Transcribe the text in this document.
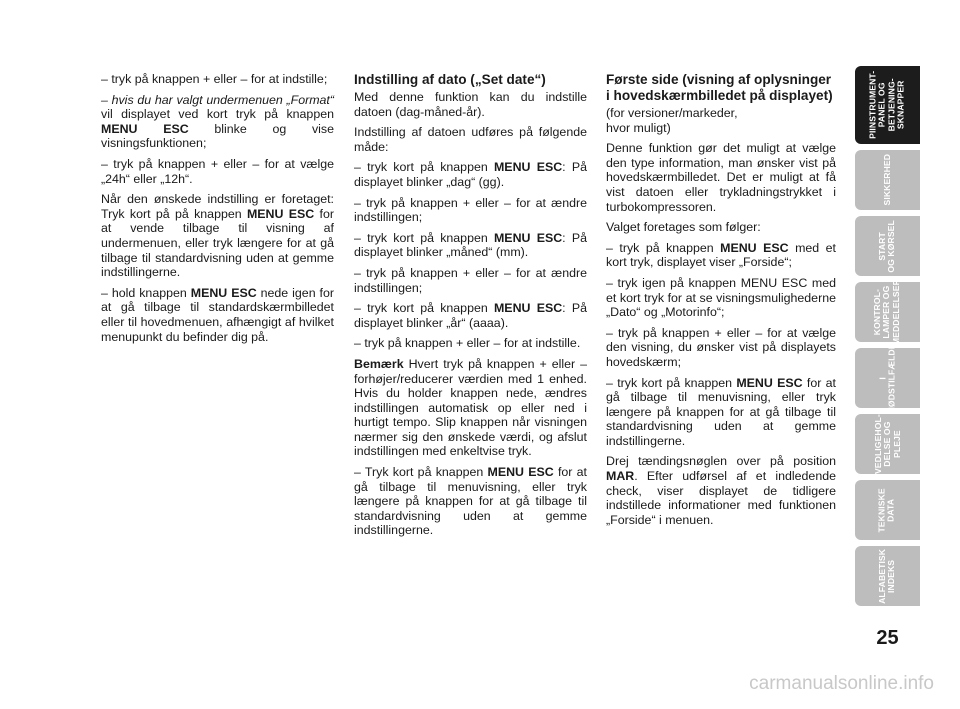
– tryk på knappen + eller – for at indstille;

– hvis du har valgt undermenuen „Format“ vil displayet ved kort tryk på knappen MENU ESC blinke og vise visningsfunktionen;

– tryk på knappen + eller – for at vælge „24h“ eller „12h“.

Når den ønskede indstilling er foretaget: Tryk kort på på knappen MENU ESC for at vende tilbage til visning af undermenuen, eller tryk længere for at gå tilbage til standardvisning uden at gemme indstillingerne.

– hold knappen MENU ESC nede igen for at gå tilbage til standardskærmbilledet eller til hovedmenuen, afhængigt af hvilket menupunkt du befinder dig på.

Indstilling af dato („Set date“)

Med denne funktion kan du indstille datoen (dag-måned-år).

Indstilling af datoen udføres på følgende måde:

– tryk kort på knappen MENU ESC: På displayet blinker „dag“ (gg).

– tryk på knappen + eller – for at ændre indstillingen;

– tryk kort på knappen MENU ESC: På displayet blinker „måned“ (mm).

– tryk på knappen + eller – for at ændre indstillingen;

– tryk kort på knappen MENU ESC: På displayet blinker „år“ (aaaa).

– tryk på knappen + eller – for at indstille.

Bemærk Hvert tryk på knappen + eller – forhøjer/reducerer værdien med 1 enhed. Hvis du holder knappen nede, ændres indstillingen automatisk op eller ned i hurtigt tempo. Slip knappen når visningen nærmer sig den ønskede værdi, og afslut indstillingen med enkeltvise tryk.

– Tryk kort på knappen MENU ESC for at gå tilbage til menuvisning, eller tryk længere på knappen for at gå tilbage til standardvisning uden at gemme indstillingerne.

Første side (visning af oplysninger i hovedskærmbilledet på displayet)

(for versioner/markeder,

hvor muligt)

Denne funktion gør det muligt at vælge den type information, man ønsker vist på hovedskærmbilledet. Det er muligt at få vist datoen eller trykladningstrykket i turbokompressoren.

Valget foretages som følger:

– tryk på knappen MENU ESC med et kort tryk, displayet viser „Forside“;

– tryk igen på knappen MENU ESC med et kort tryk for at se visningsmulighederne „Dato“ og „Motorinfo“;

– tryk på knappen + eller – for at vælge den visning, du ønsker vist på displayets hovedskærm;

– tryk kort på knappen MENU ESC for at gå tilbage til menuvisning, eller tryk længere på knappen for at gå tilbage til standardvisning uden at gemme indstillingerne.

Drej tændingsnøglen over på position MAR. Efter udførsel af et indledende check, viser displayet de tidligere indstillede informationer med funktionen „Forside“ i menuen.

PIINSTRUMENT-
PANEL OG
BETJENING-
SKNAPPER
SIKKERHED
START
OG KØRSEL
KONTROL-
LAMPER OG
MEDDELELSER
I
NØDSTILFÆLDE
VEDLIGEHOL-
DELSE OG
PLEJE
TEKNISKE
DATA
ALFABETISK
INDEKS
25
carmanualsonline.info
